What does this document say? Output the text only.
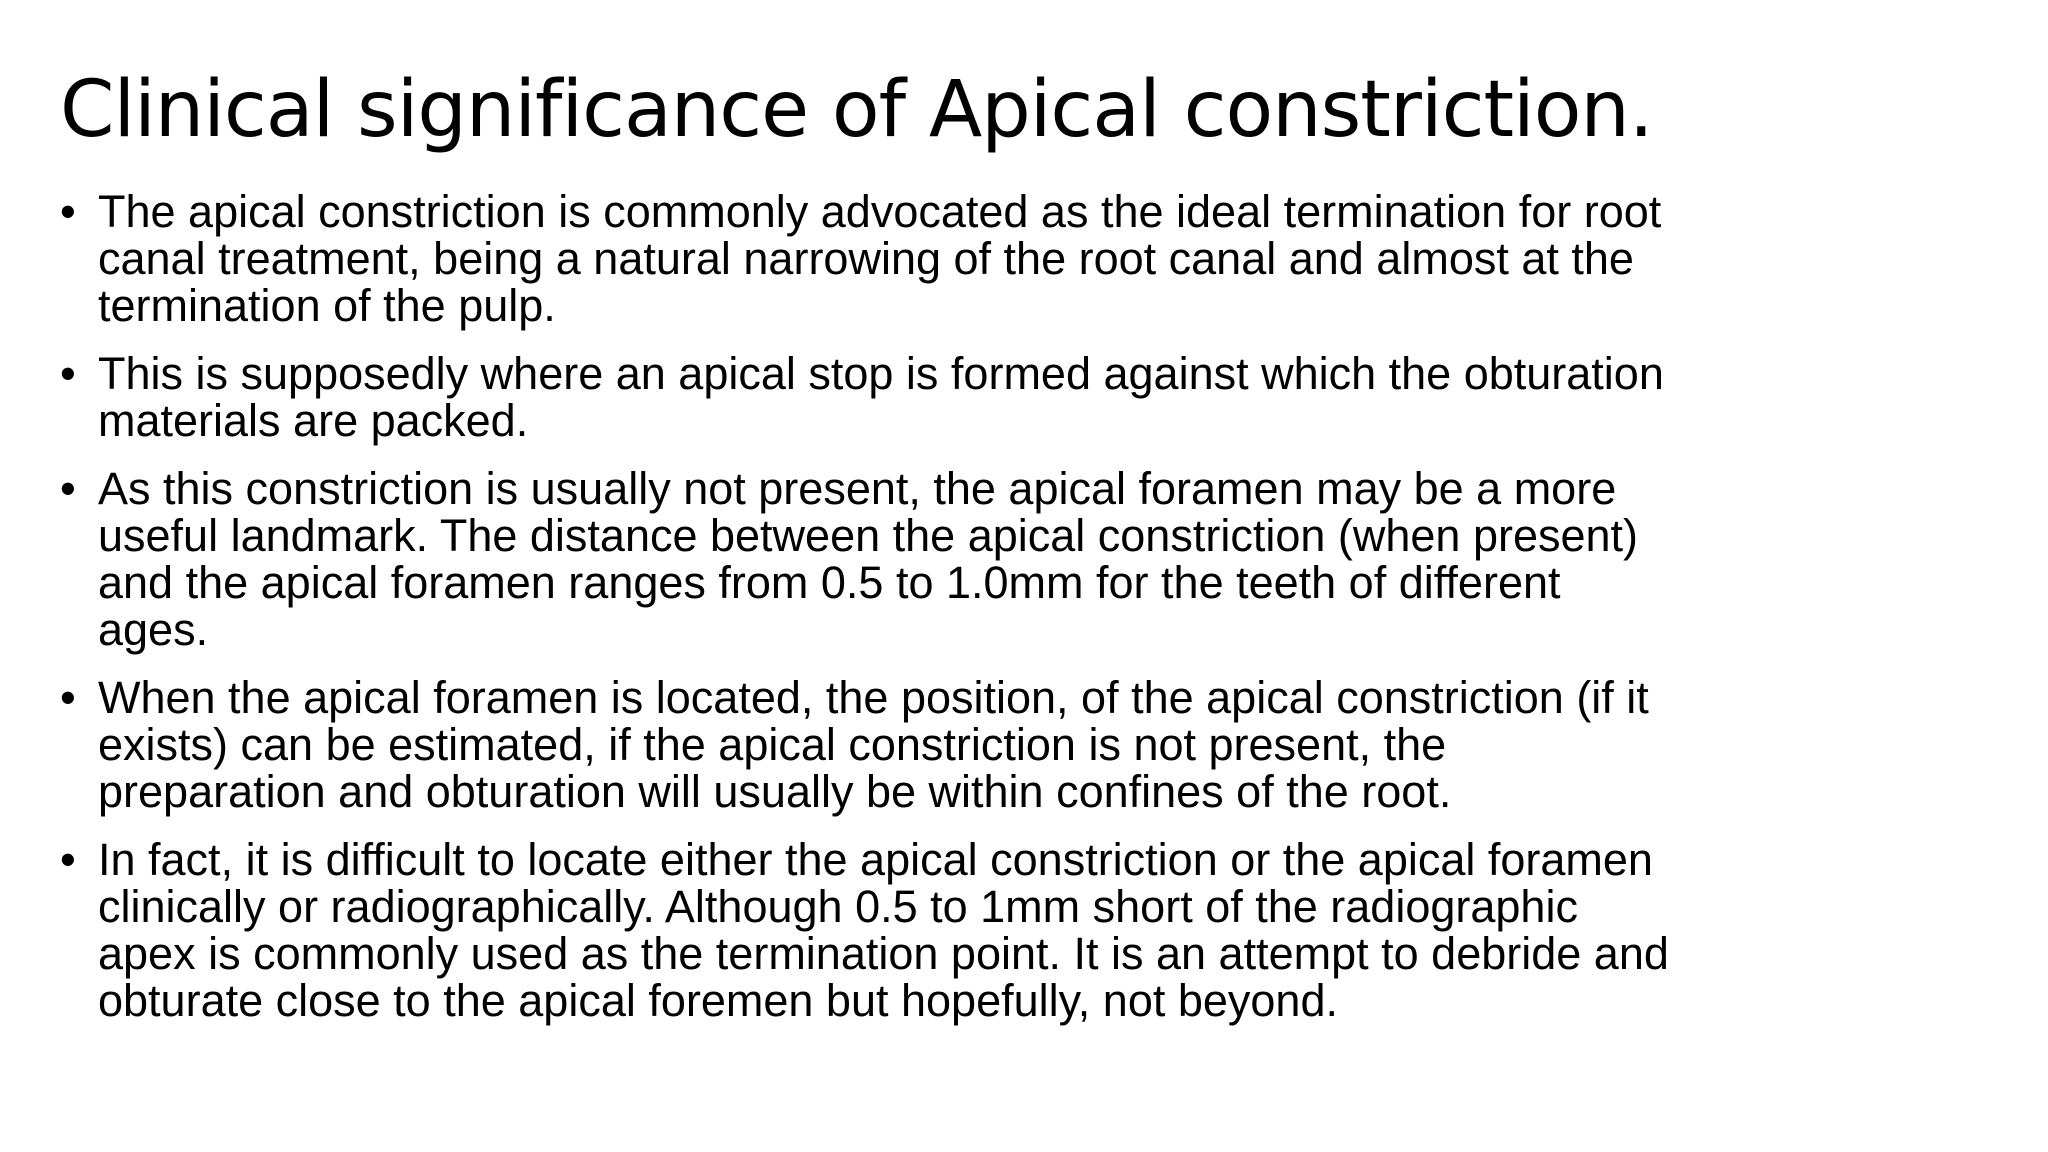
Clinical significance of Apical constriction.
• The apical constriction is commonly advocated as the ideal termination for root
canal treatment, being a natural narrowing of the root canal and almost at the
termination of the pulp.
• This is supposedly where an apical stop is formed against which the obturation
materials are packed.
• As this constriction is usually not present, the apical foramen may be a more
useful landmark. The distance between the apical constriction (when present)
and the apical foramen ranges from 0.5 to 1.0mm for the teeth of different
ages.
• When the apical foramen is located, the position, of the apical constriction (if it
exists) can be estimated, if the apical constriction is not present, the
preparation and obturation will usually be within confines of the root.
• In fact, it is difficult to locate either the apical constriction or the apical foramen
clinically or radiographically. Although 0.5 to 1mm short of the radiographic
apex is commonly used as the termination point. It is an attempt to debride and
obturate close to the apical foremen but hopefully, not beyond.
